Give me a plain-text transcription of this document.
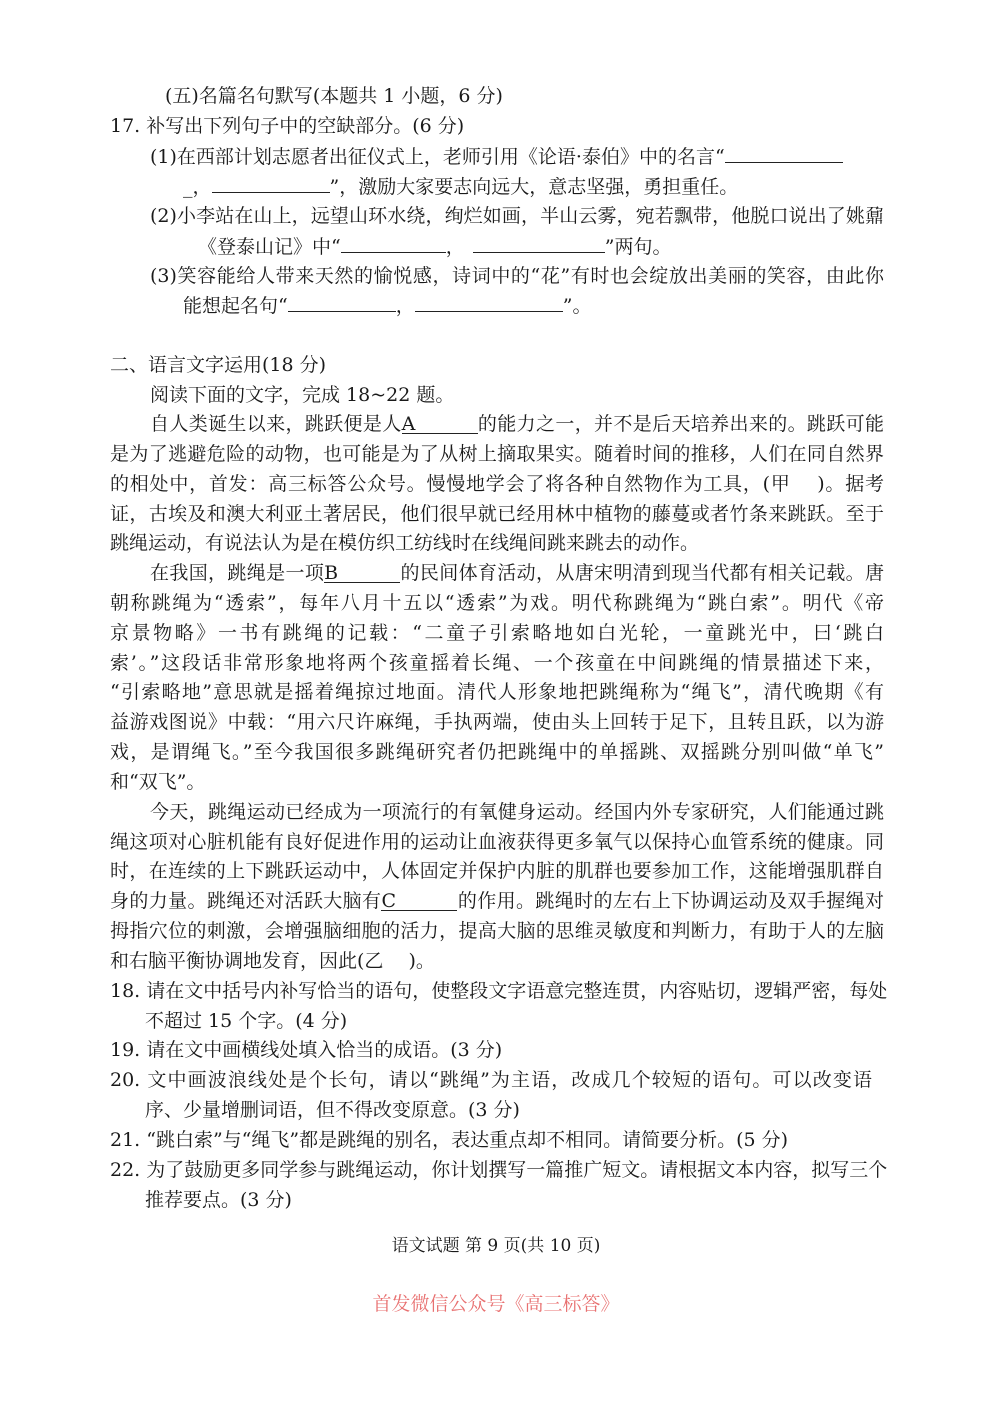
(五)名篇名句默写(本题共 1 小题，6 分)
17. 补写出下列句子中的空缺部分。(6 分)
(1)在西部计划志愿者出征仪式上，老师引用《论语·泰伯》中的名言“
_，	”，激励大家要志向远大，意志坚强，勇担重任。
(2)小李站在山上，远望山环水绕，绚烂如画，半山云雾，宛若飘带，他脱口说出了姚鼐
《登泰山记》中“	，	”两句。
(3)笑容能给人带来天然的愉悦感，诗词中的“花”有时也会绽放出美丽的笑容，由此你
能想起名句“	，	”。
二、语言文字运用(18 分)
阅读下面的文字，完成 18~22 题。
自人类诞生以来，跳跃便是人A	的能力之一，并不是后天培养出来的。跳跃可能
是为了逃避危险的动物，也可能是为了从树上摘取果实。随着时间的推移，人们在同自然界
的相处中，首发：高三标答公众号。慢慢地学会了将各种自然物作为工具，(甲　 )。据考
证，古埃及和澳大利亚土著居民，他们很早就已经用林中植物的藤蔓或者竹条来跳跃。至于
跳绳运动，有说法认为是在模仿织工纺线时在线绳间跳来跳去的动作。
在我国，跳绳是一项B	的民间体育活动，从唐宋明清到现当代都有相关记载。唐
朝称跳绳为“透索”，每年八月十五以“透索”为戏。明代称跳绳为“跳白索”。明代《帝
京景物略》一书有跳绳的记载：“二童子引索略地如白光轮，一童跳光中，曰‘跳白
索’。”这段话非常形象地将两个孩童摇着长绳、一个孩童在中间跳绳的情景描述下来，
“引索略地”意思就是摇着绳掠过地面。清代人形象地把跳绳称为“绳飞”，清代晚期《有
益游戏图说》中载：“用六尺许麻绳，手执两端，使由头上回转于足下，且转且跃，以为游
戏，是谓绳飞。”至今我国很多跳绳研究者仍把跳绳中的单摇跳、双摇跳分别叫做“单飞”
和“双飞”。
今天，跳绳运动已经成为一项流行的有氧健身运动。经国内外专家研究，人们能通过跳
绳这项对心脏机能有良好促进作用的运动让血液获得更多氧气以保持心血管系统的健康。同
时，在连续的上下跳跃运动中，人体固定并保护内脏的肌群也要参加工作，这能增强肌群自
身的力量。跳绳还对活跃大脑有C	的作用。跳绳时的左右上下协调运动及双手握绳对
拇指穴位的刺激，会增强脑细胞的活力，提高大脑的思维灵敏度和判断力，有助于人的左脑
和右脑平衡协调地发育，因此(乙　 )。
18. 请在文中括号内补写恰当的语句，使整段文字语意完整连贯，内容贴切，逻辑严密，每处
不超过 15 个字。(4 分)
19. 请在文中画横线处填入恰当的成语。(3 分)
20. 文中画波浪线处是个长句，请以“跳绳”为主语，改成几个较短的语句。可以改变语
序、少量增删词语，但不得改变原意。(3 分)
21. “跳白索”与“绳飞”都是跳绳的别名，表达重点却不相同。请简要分析。(5 分)
22. 为了鼓励更多同学参与跳绳运动，你计划撰写一篇推广短文。请根据文本内容，拟写三个
推荐要点。(3 分)
语文试题 第 9 页(共 10 页)
首发微信公众号《高三标答》
